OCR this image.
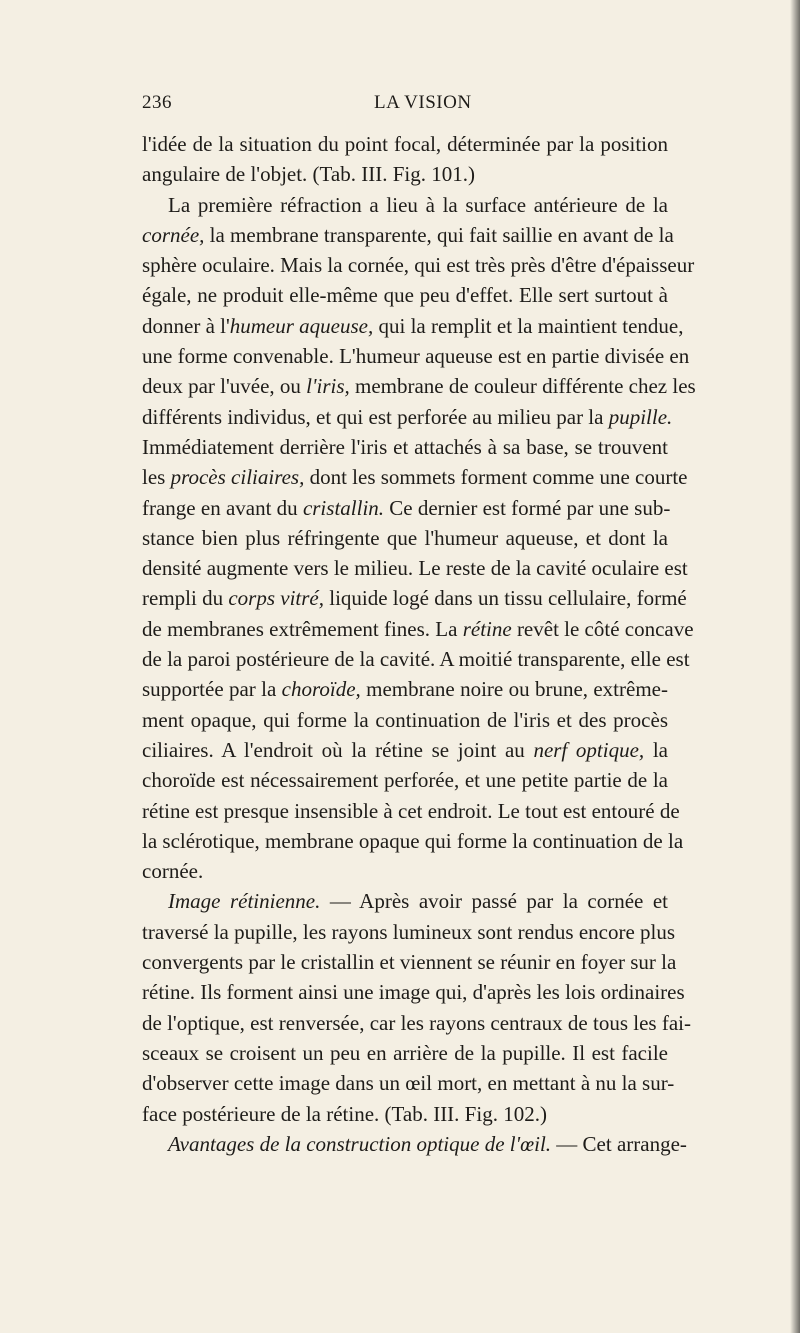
236	LA VISION
l'idée de la situation du point focal, déterminée par la position
angulaire de l'objet. (Tab. III. Fig. 101.)
La première réfraction a lieu à la surface antérieure de la
cornée, la membrane transparente, qui fait saillie en avant de la
sphère oculaire. Mais la cornée, qui est très près d'être d'épaisseur
égale, ne produit elle-même que peu d'effet. Elle sert surtout à
donner à l'humeur aqueuse, qui la remplit et la maintient tendue,
une forme convenable. L'humeur aqueuse est en partie divisée en
deux par l'uvée, ou l'iris, membrane de couleur différente chez les
différents individus, et qui est perforée au milieu par la pupille.
Immédiatement derrière l'iris et attachés à sa base, se trouvent
les procès ciliaires, dont les sommets forment comme une courte
frange en avant du cristallin. Ce dernier est formé par une sub-
stance bien plus réfringente que l'humeur aqueuse, et dont la
densité augmente vers le milieu. Le reste de la cavité oculaire est
rempli du corps vitré, liquide logé dans un tissu cellulaire, formé
de membranes extrêmement fines. La rétine revêt le côté concave
de la paroi postérieure de la cavité. A moitié transparente, elle est
supportée par la choroïde, membrane noire ou brune, extrême-
ment opaque, qui forme la continuation de l'iris et des procès
ciliaires. A l'endroit où la rétine se joint au nerf optique, la
choroïde est nécessairement perforée, et une petite partie de la
rétine est presque insensible à cet endroit. Le tout est entouré de
la sclérotique, membrane opaque qui forme la continuation de la
cornée.
Image rétinienne. — Après avoir passé par la cornée et
traversé la pupille, les rayons lumineux sont rendus encore plus
convergents par le cristallin et viennent se réunir en foyer sur la
rétine. Ils forment ainsi une image qui, d'après les lois ordinaires
de l'optique, est renversée, car les rayons centraux de tous les fai-
sceaux se croisent un peu en arrière de la pupille. Il est facile
d'observer cette image dans un œil mort, en mettant à nu la sur-
face postérieure de la rétine. (Tab. III. Fig. 102.)
Avantages de la construction optique de l'œil. — Cet arrange-
